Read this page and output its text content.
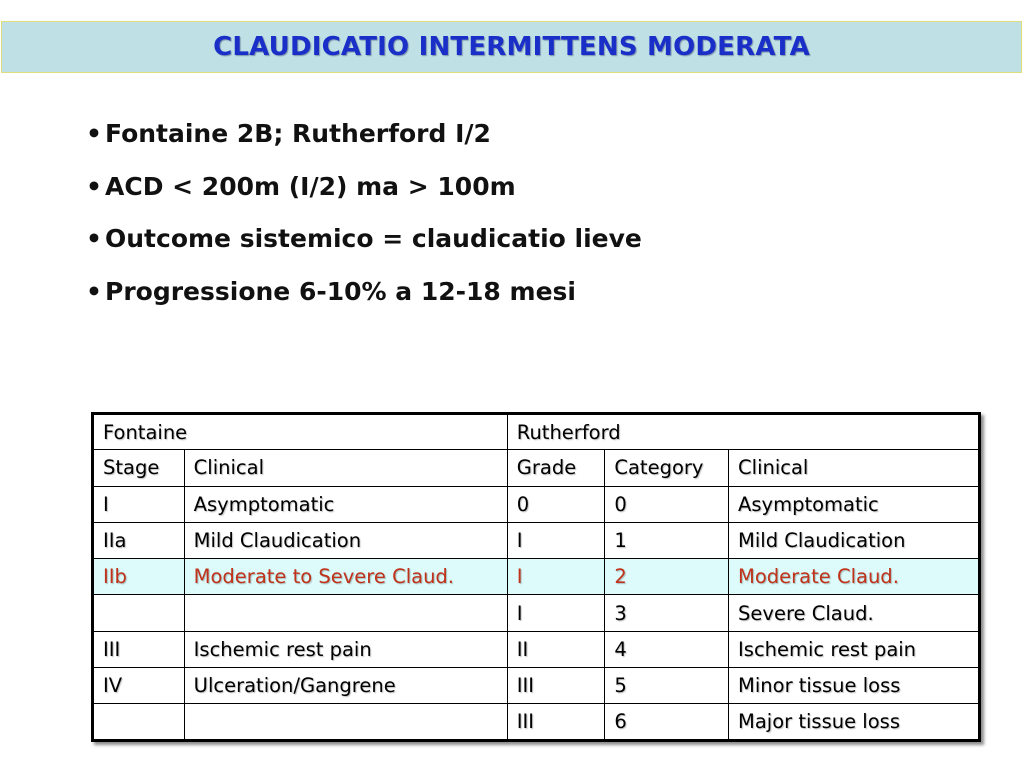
CLAUDICATIO INTERMITTENS MODERATA
• Fontaine 2B; Rutherford I/2
• ACD < 200m (I/2) ma > 100m
• Outcome sistemico = claudicatio lieve
• Progressione 6-10% a 12-18 mesi
Fontaine		Rutherford		
Stage	Clinical	Grade	Category	Clinical
I	Asymptomatic	0	0	Asymptomatic
IIa	Mild Claudication	I	1	Mild Claudication
IIb	Moderate to Severe Claud.	I	2	Moderate Claud.
		I	3	Severe Claud.
III	Ischemic rest pain	II	4	Ischemic rest pain
IV	Ulceration/Gangrene	III	5	Minor tissue loss
		III	6	Major tissue loss
